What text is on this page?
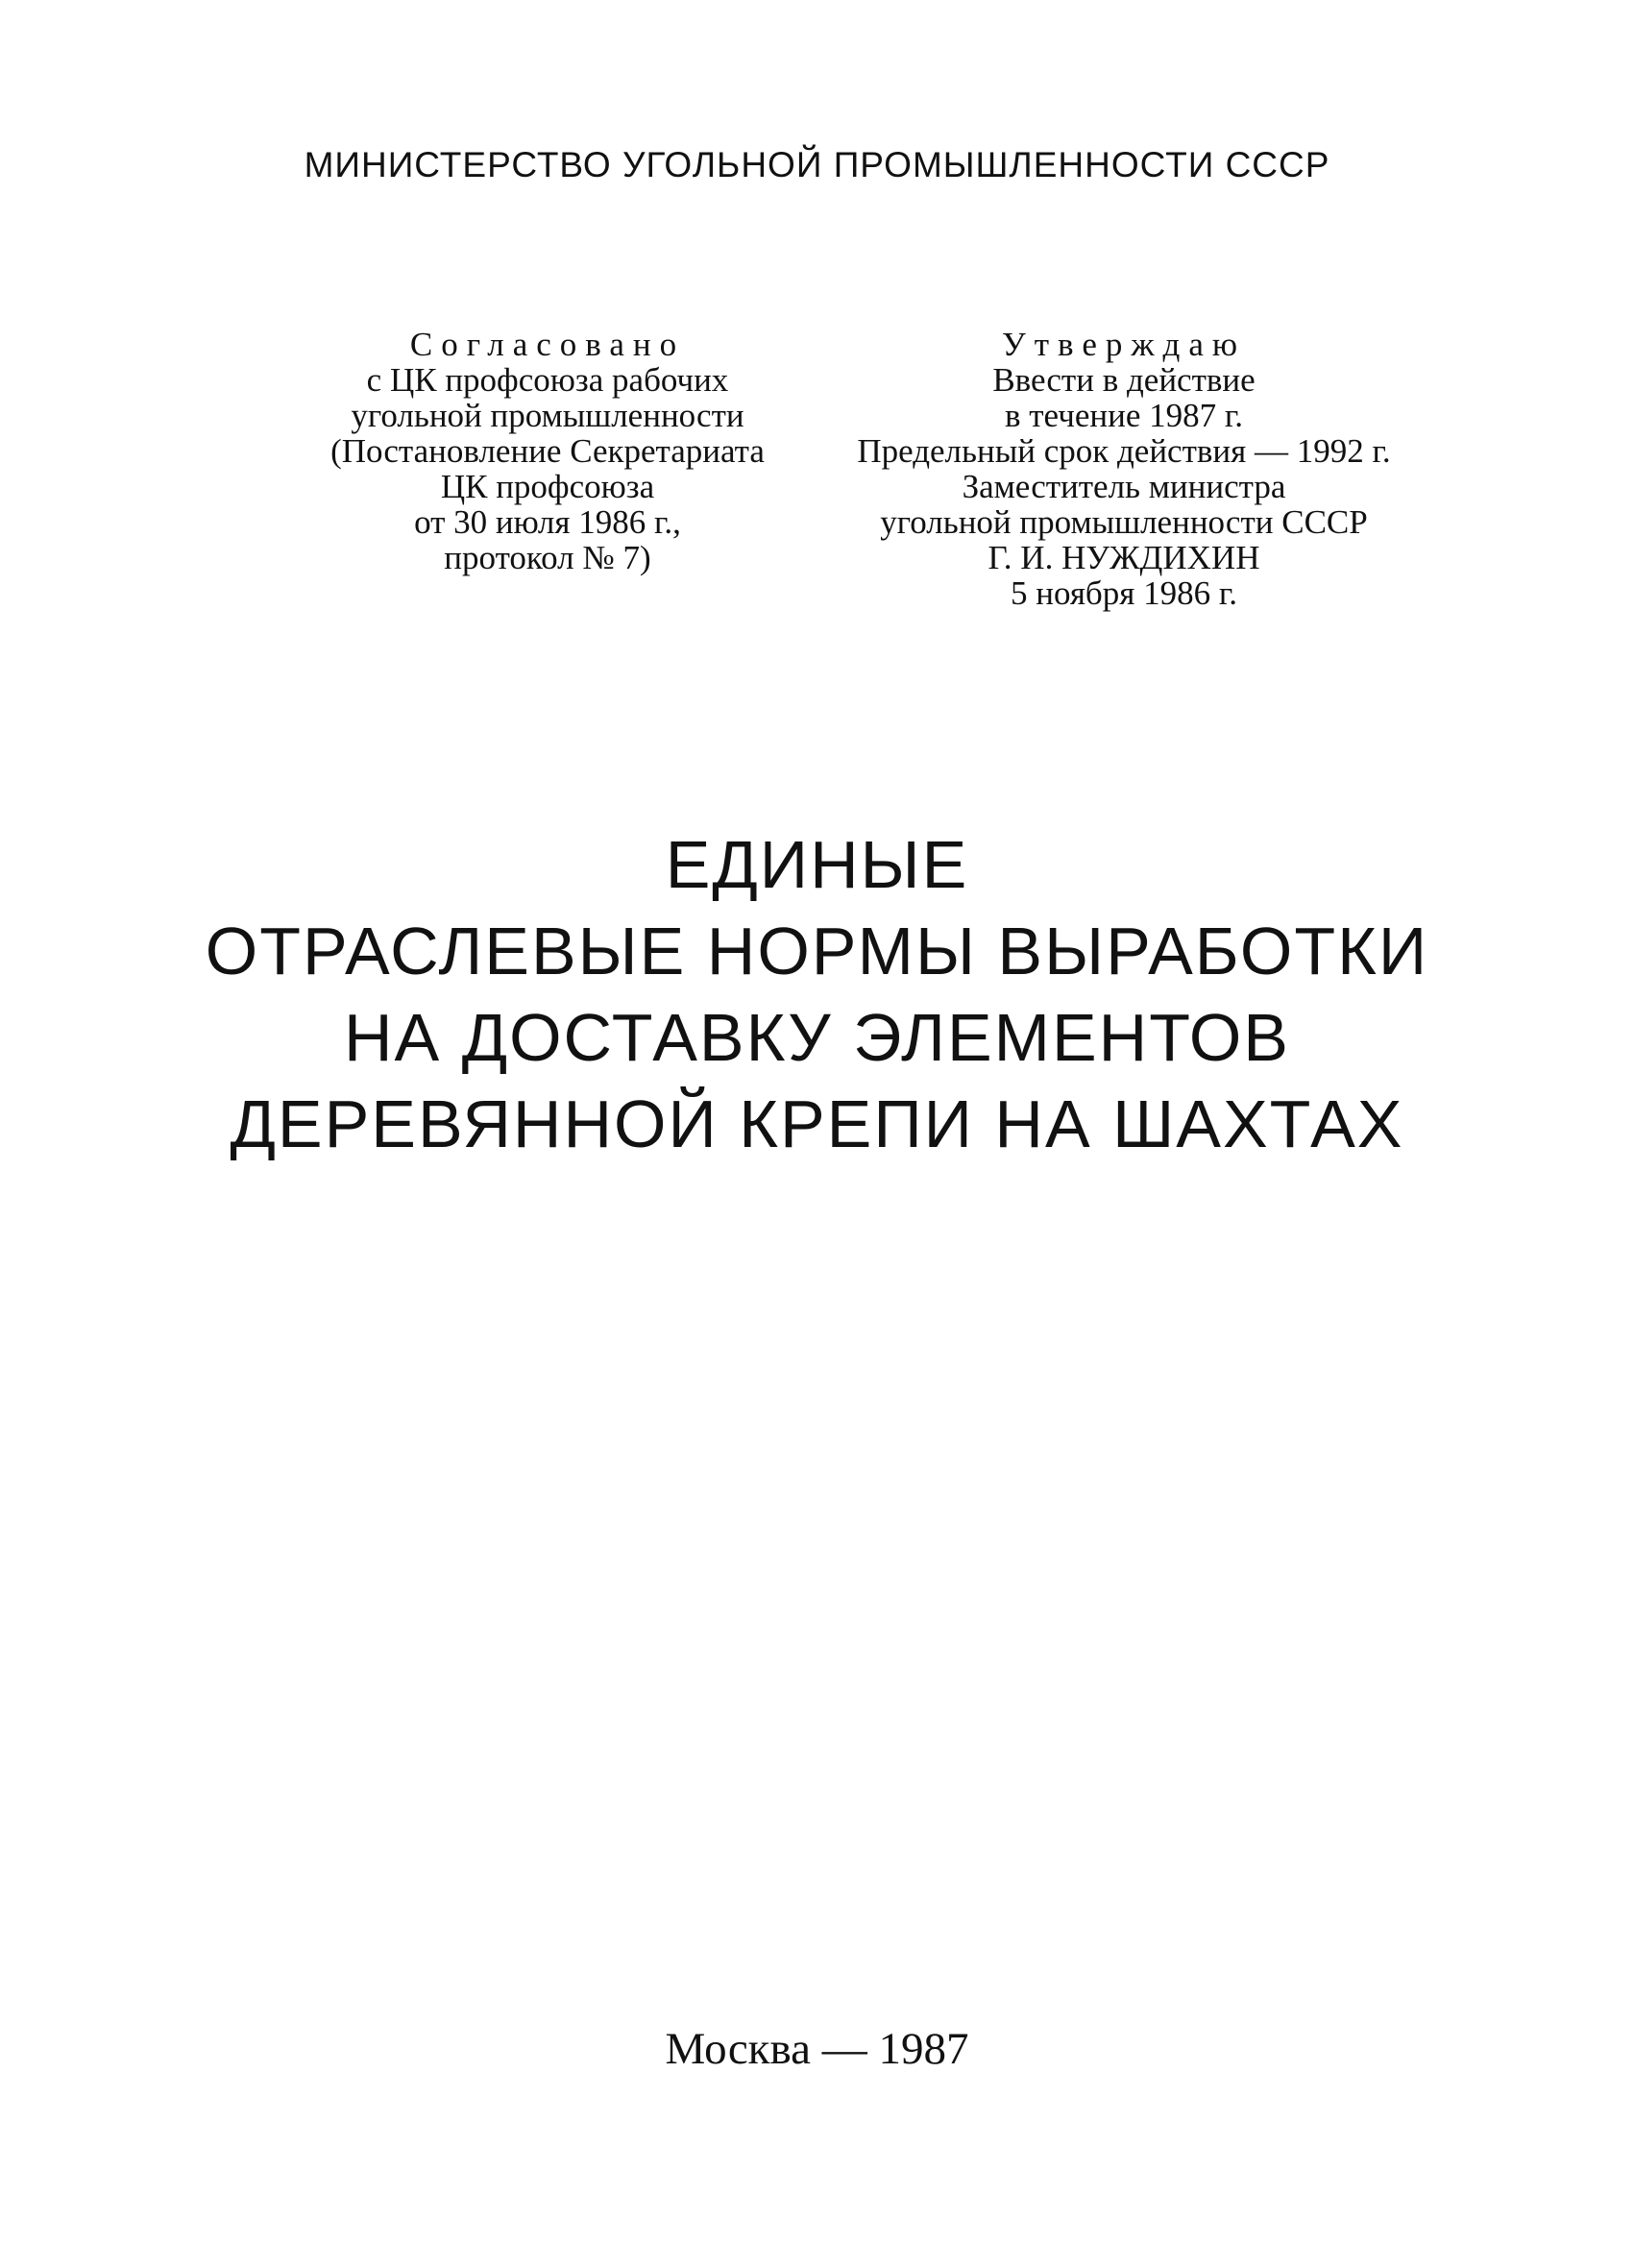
МИНИСТЕРСТВО УГОЛЬНОЙ ПРОМЫШЛЕННОСТИ СССР
Согласовано
с ЦК профсоюза рабочих
угольной промышленности
(Постановление Секретариата
ЦК профсоюза
от 30 июля 1986 г.,
протокол № 7)
Утверждаю
Ввести в действие
в течение 1987 г.
Предельный срок действия — 1992 г.
Заместитель министра
угольной промышленности СССР
Г. И. НУЖДИХИН
5 ноября 1986 г.
ЕДИНЫЕ
ОТРАСЛЕВЫЕ НОРМЫ ВЫРАБОТКИ
НА ДОСТАВКУ ЭЛЕМЕНТОВ
ДЕРЕВЯННОЙ КРЕПИ НА ШАХТАХ
Москва — 1987
